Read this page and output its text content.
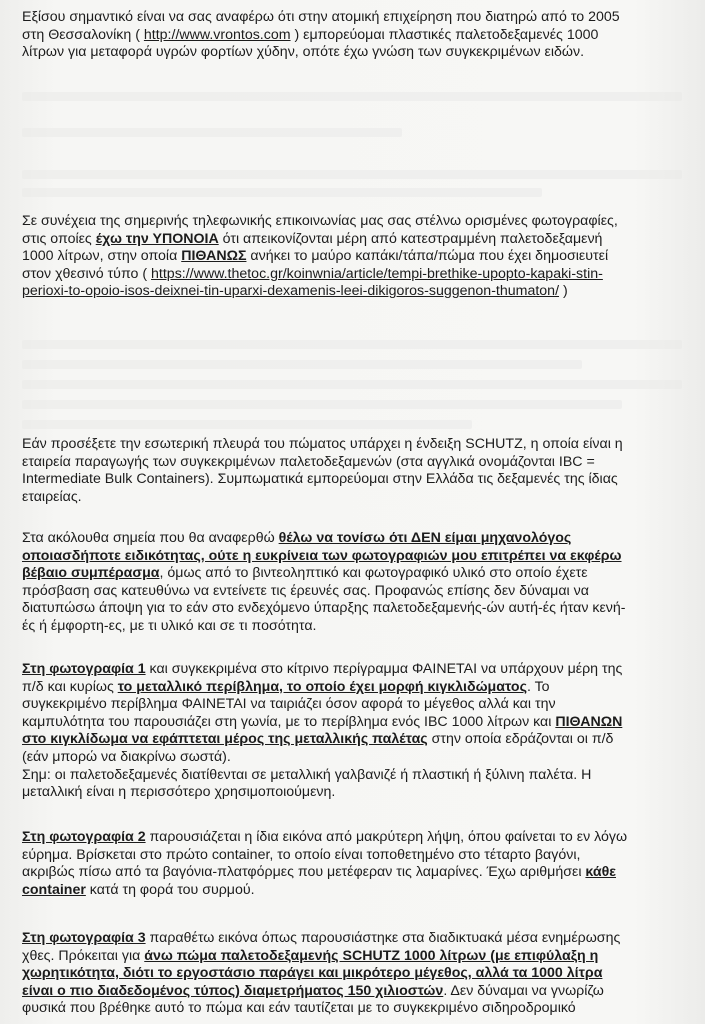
Εξίσου σημαντικό είναι να σας αναφέρω ότι στην ατομική επιχείρηση που διατηρώ από το 2005
στη Θεσσαλονίκη ( http://www.vrontos.com ) εμπορεύομαι πλαστικές παλετοδεξαμενές 1000
λίτρων για μεταφορά υγρών φορτίων χύδην, οπότε έχω γνώση των συγκεκριμένων ειδών.
Σε συνέχεια της σημερινής τηλεφωνικής επικοινωνίας μας σας στέλνω ορισμένες φωτογραφίες,
στις οποίες έχω την ΥΠΟΝΟΙΑ ότι απεικονίζονται μέρη από κατεστραμμένη παλετοδεξαμενή
1000 λίτρων, στην οποία ΠΙΘΑΝΩΣ ανήκει το μαύρο καπάκι/τάπα/πώμα που έχει δημοσιευτεί
στον χθεσινό τύπο ( https://www.thetoc.gr/koinwnia/article/tempi-brethike-upopto-kapaki-stin-
perioxi-to-opoio-isos-deixnei-tin-uparxi-dexamenis-leei-dikigoros-suggenon-thumaton/ )
Εάν προσέξετε την εσωτερική πλευρά του πώματος υπάρχει η ένδειξη SCHUTZ, η οποία είναι η
εταιρεία παραγωγής των συγκεκριμένων παλετοδεξαμενών (στα αγγλικά ονομάζονται IBC =
Intermediate Bulk Containers). Συμπωματικά εμπορεύομαι στην Ελλάδα τις δεξαμενές της ίδιας
εταιρείας.
Στα ακόλουθα σημεία που θα αναφερθώ θέλω να τονίσω ότι ΔΕΝ είμαι μηχανολόγος
οποιασδήποτε ειδικότητας, ούτε η ευκρίνεια των φωτογραφιών μου επιτρέπει να εκφέρω
βέβαιο συμπέρασμα, όμως από το βιντεοληπτικό και φωτογραφικό υλικό στο οποίο έχετε
πρόσβαση σας κατευθύνω να εντείνετε τις έρευνές σας. Προφανώς επίσης δεν δύναμαι να
διατυπώσω άποψη για το εάν στο ενδεχόμενο ύπαρξης παλετοδεξαμενής-ών αυτή-ές ήταν κενή-
ές ή έμφορτη-ες, με τι υλικό και σε τι ποσότητα.
Στη φωτογραφία 1 και συγκεκριμένα στο κίτρινο περίγραμμα ΦΑΙΝΕΤΑΙ να υπάρχουν μέρη της
π/δ και κυρίως το μεταλλικό περίβλημα, το οποίο έχει μορφή κιγκλιδώματος. Το
συγκεκριμένο περίβλημα ΦΑΙΝΕΤΑΙ να ταιριάζει όσον αφορά το μέγεθος αλλά και την
καμπυλότητα του παρουσιάζει στη γωνία, με το περίβλημα ενός IBC 1000 λίτρων και ΠΙΘΑΝΩΝ
στο κιγκλίδωμα να εφάπτεται μέρος της μεταλλικής παλέτας στην οποία εδράζονται οι π/δ
(εάν μπορώ να διακρίνω σωστά).
Σημ: οι παλετοδεξαμενές διατίθενται σε μεταλλική γαλβανιζέ ή πλαστική ή ξύλινη παλέτα. Η
μεταλλική είναι η περισσότερο χρησιμοποιούμενη.
Στη φωτογραφία 2 παρουσιάζεται η ίδια εικόνα από μακρύτερη λήψη, όπου φαίνεται το εν λόγω
εύρημα. Βρίσκεται στο πρώτο container, το οποίο είναι τοποθετημένο στο τέταρτο βαγόνι,
ακριβώς πίσω από τα βαγόνια-πλατφόρμες που μετέφεραν τις λαμαρίνες. Έχω αριθμήσει κάθε
container κατά τη φορά του συρμού.
Στη φωτογραφία 3 παραθέτω εικόνα όπως παρουσιάστηκε στα διαδικτυακά μέσα ενημέρωσης
χθες. Πρόκειται για άνω πώμα παλετοδεξαμενής SCHUTZ 1000 λίτρων (με επιφύλαξη η
χωρητικότητα, διότι το εργοστάσιο παράγει και μικρότερο μέγεθος, αλλά τα 1000 λίτρα
είναι ο πιο διαδεδομένος τύπος) διαμετρήματος 150 χιλιοστών. Δεν δύναμαι να γνωρίζω
φυσικά που βρέθηκε αυτό το πώμα και εάν ταυτίζεται με το συγκεκριμένο σιδηροδρομικό
